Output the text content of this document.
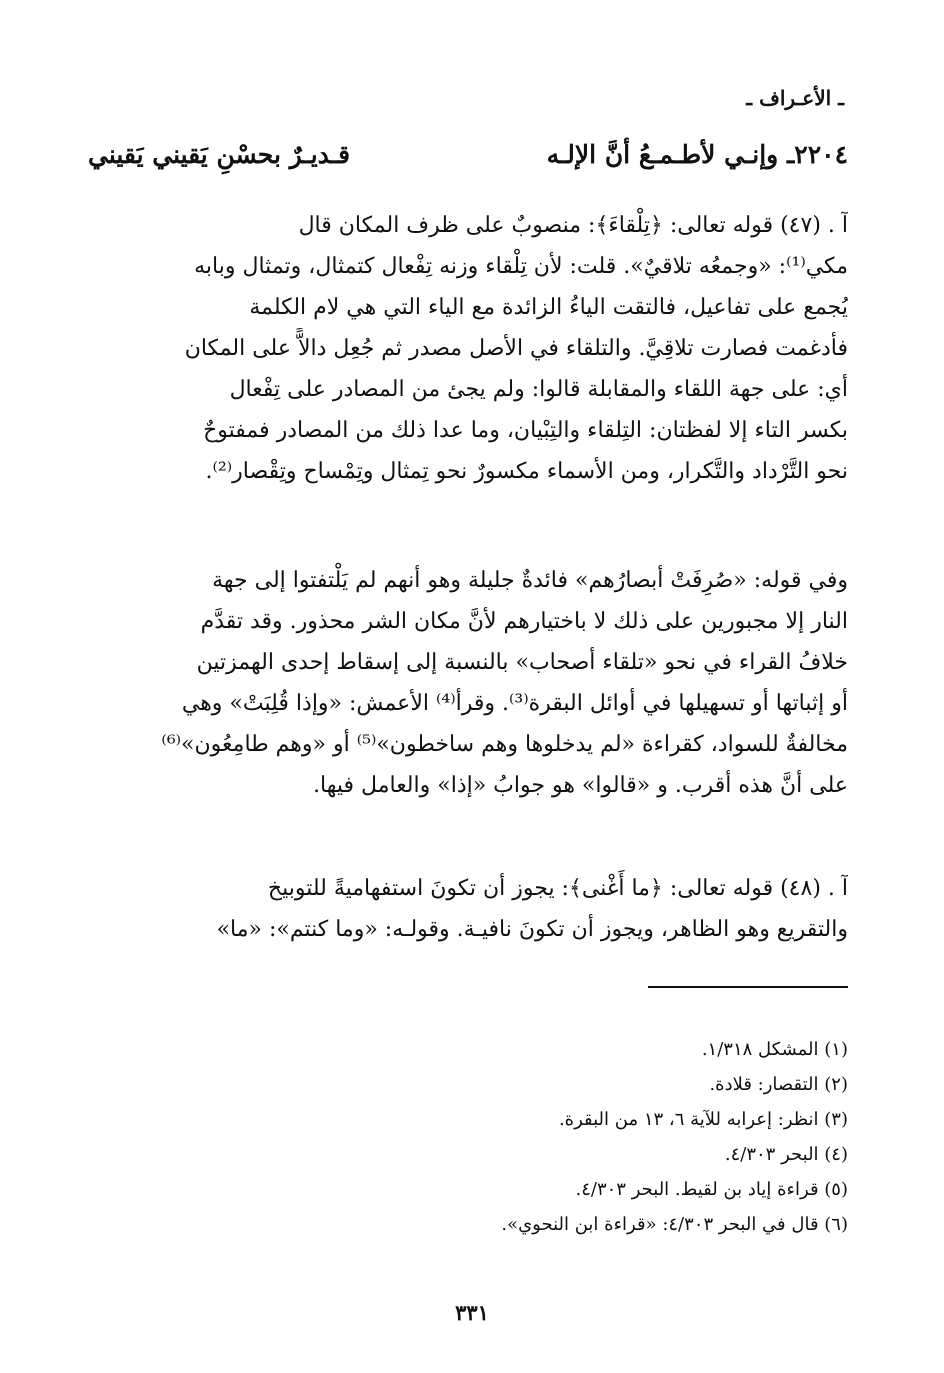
ـ الأعـراف ـ
٢٢٠٤ـ وإنـي لأطـمـعُ أنَّ الإلـه
قـديـرٌ بحسْنِ يَقيني يَقيني
آ . (٤٧) قوله تعالى: ﴿تِلْقاءَ﴾: منصوبٌ على ظرف المكان قال
مكي⁽¹⁾: «وجمعُه تلاقيٌ». قلت: لأن تِلْقاء وزنه تِفْعال كتمثال، وتمثال وبابه
يُجمع على تفاعيل، فالتقت الياءُ الزائدة مع الياء التي هي لام الكلمة
فأدغمت فصارت تلاقِيَّ. والتلقاء في الأصل مصدر ثم جُعِل دالاًّ على المكان
أي: على جهة اللقاء والمقابلة قالوا: ولم يجئ من المصادر على تِفْعال
بكسر التاء إلا لفظتان: التِلقاء والتِبْيان، وما عدا ذلك من المصادر فمفتوحٌ
نحو التَّرْداد والتَّكرار، ومن الأسماء مكسورٌ نحو تِمثال وتِمْساح وتِقْصار⁽²⁾.
وفي قوله: «صُرِفَتْ أبصارُهم» فائدةٌ جليلة وهو أنهم لم يَلْتفتوا إلى جهة
النار إلا مجبورين على ذلك لا باختيارهم لأنَّ مكان الشر محذور. وقد تقدَّم
خلافُ القراء في نحو «تلقاء أصحاب» بالنسبة إلى إسقاط إحدى الهمزتين
أو إثباتها أو تسهيلها في أوائل البقرة⁽³⁾. وقرأ⁽⁴⁾ الأعمش: «وإذا قُلِبَتْ» وهي
مخالفةٌ للسواد، كقراءة «لم يدخلوها وهم ساخطون»⁽⁵⁾ أو «وهم طامِعُون»⁽⁶⁾
على أنَّ هذه أقرب. و «قالوا» هو جوابُ «إذا» والعامل فيها.
آ . (٤٨) قوله تعالى: ﴿ما أَغْنى﴾: يجوز أن تكونَ استفهاميةً للتوبيخ
والتقريع وهو الظاهر، ويجوز أن تكونَ نافيـة. وقولـه: «وما كنتم»: «ما»
(١) المشكل ١/٣١٨.
(٢) التقصار: قلادة.
(٣) انظر: إعرابه للآية ٦، ١٣ من البقرة.
(٤) البحر ٤/٣٠٣.
(٥) قراءة إياد بن لقيط. البحر ٤/٣٠٣.
(٦) قال في البحر ٤/٣٠٣: «قراءة ابن النحوي».
٣٣١
